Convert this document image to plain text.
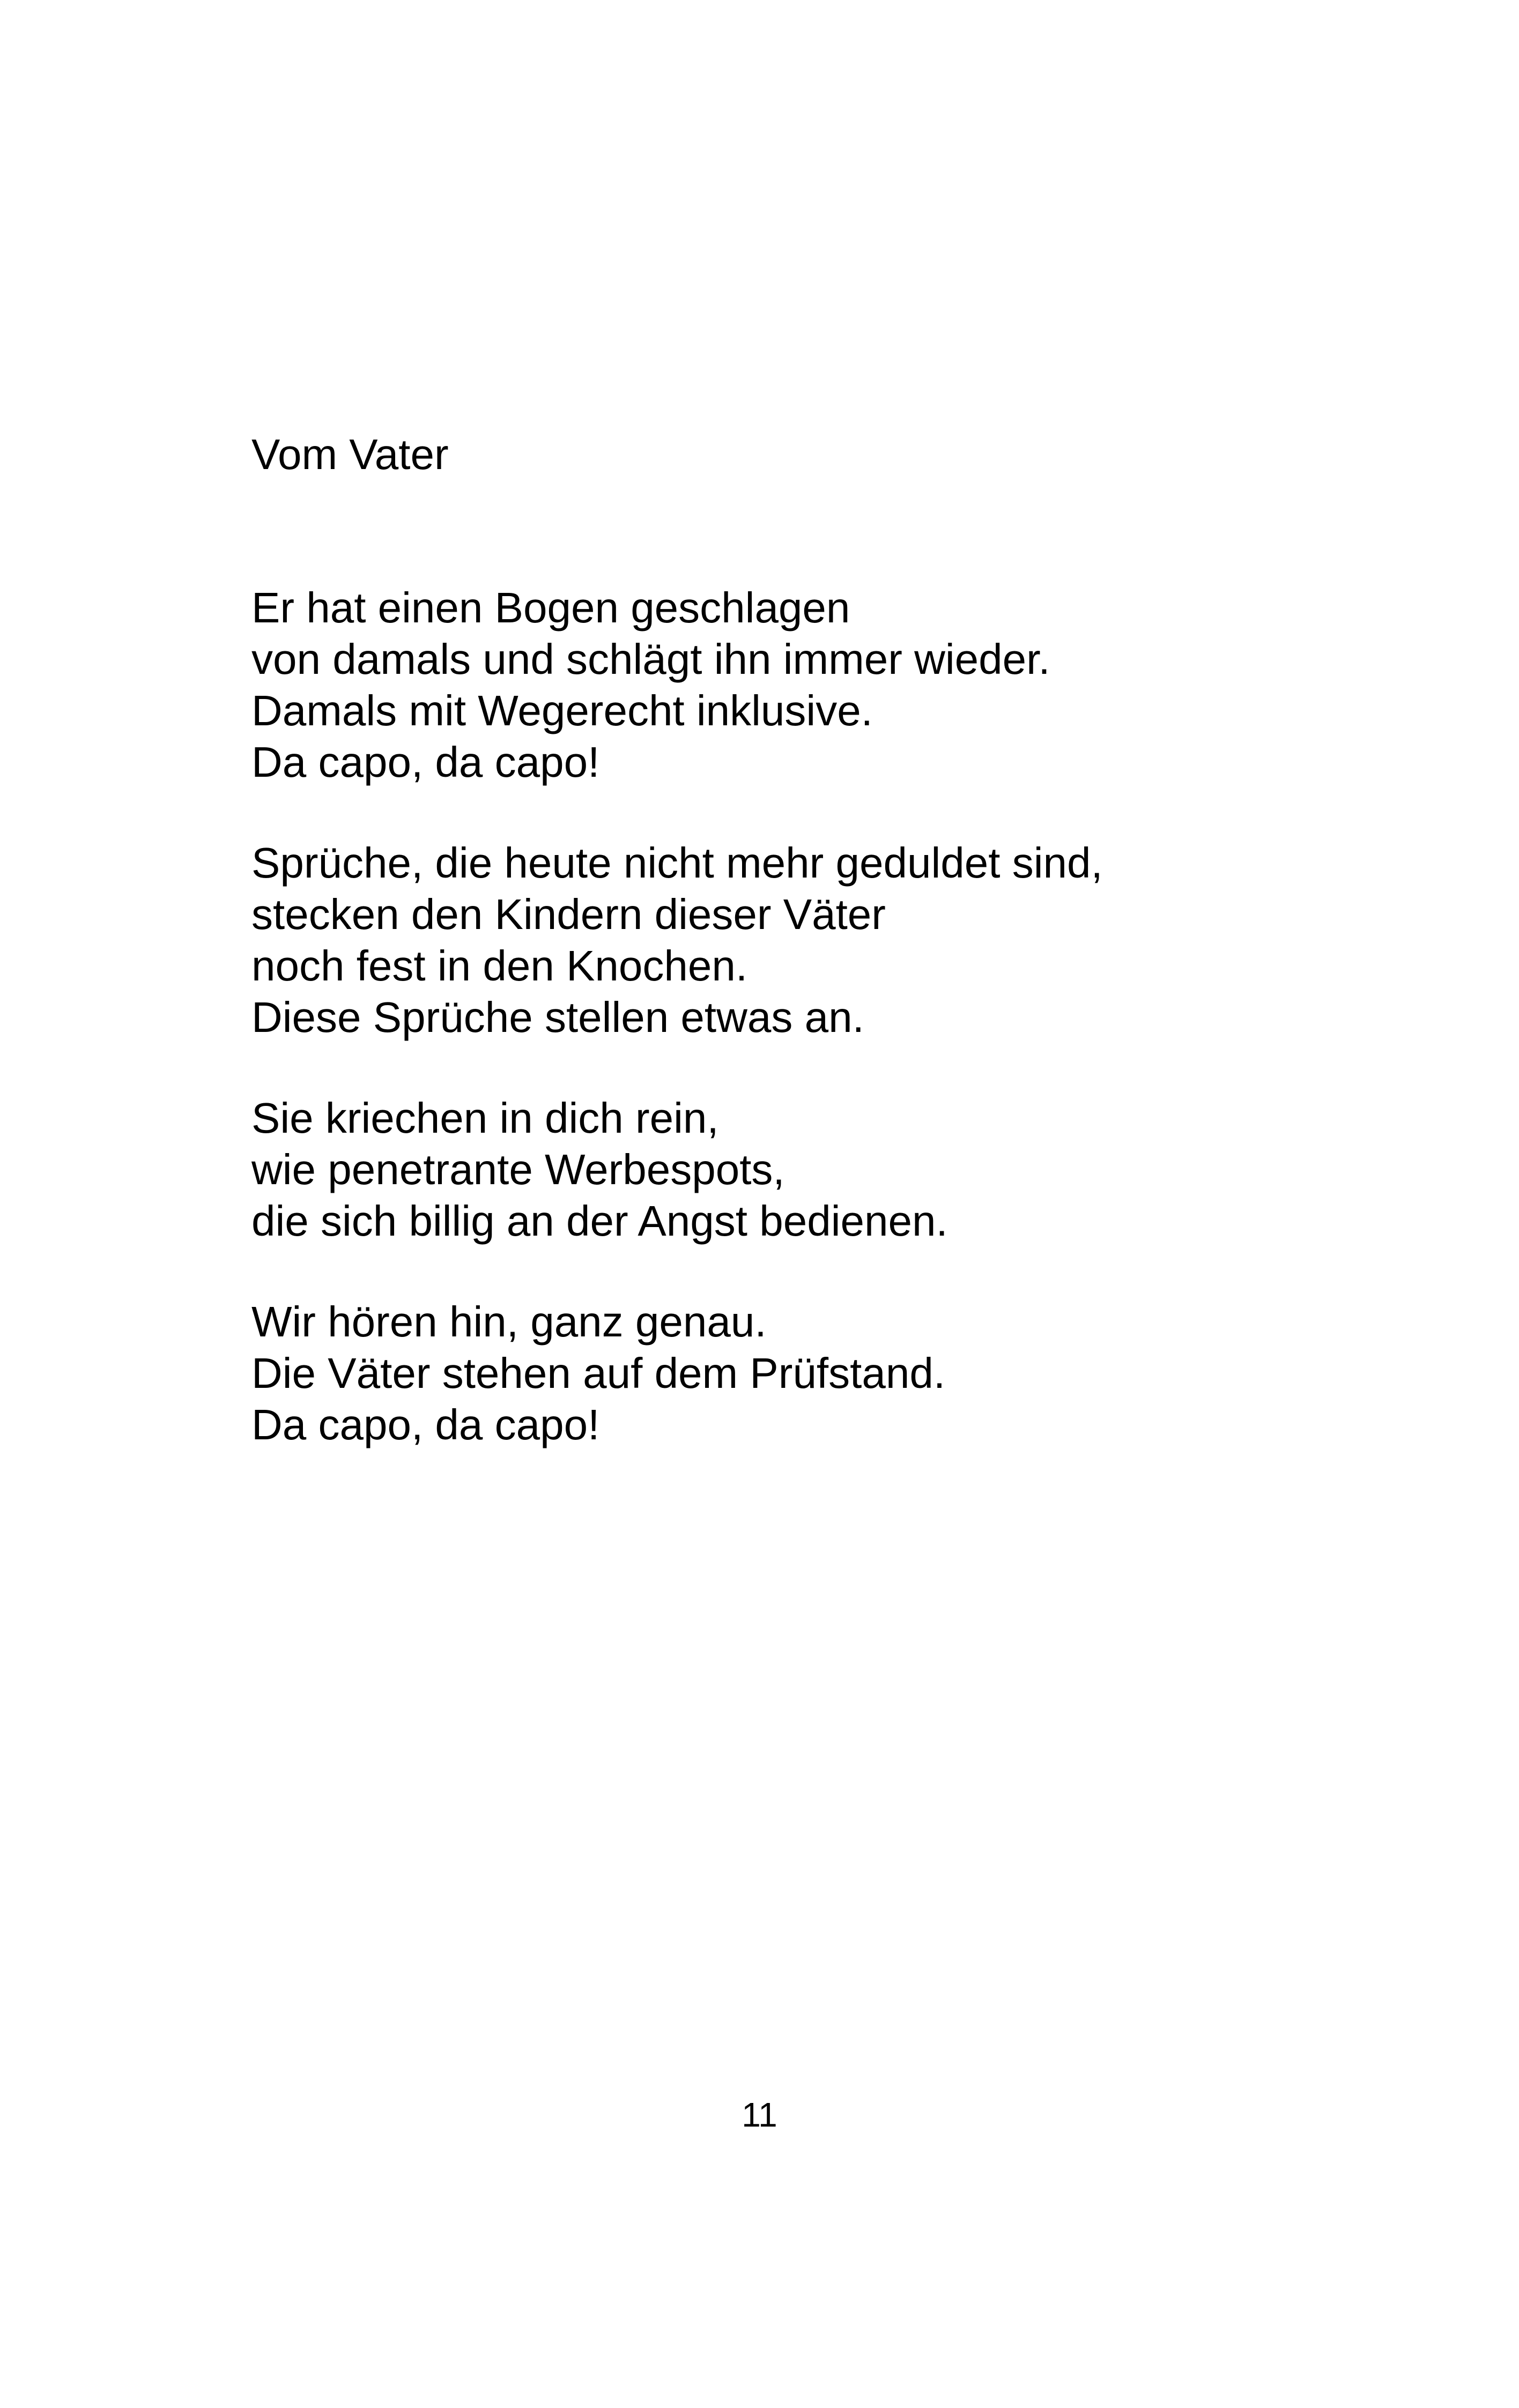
Vom Vater
Er hat einen Bogen geschlagen
von damals und schlägt ihn immer wieder.
Damals mit Wegerecht inklusive.
Da capo, da capo!
Sprüche, die heute nicht mehr geduldet sind,
stecken den Kindern dieser Väter
noch fest in den Knochen.
Diese Sprüche stellen etwas an.
Sie kriechen in dich rein,
wie penetrante Werbespots,
die sich billig an der Angst bedienen.
Wir hören hin, ganz genau.
Die Väter stehen auf dem Prüfstand.
Da capo, da capo!
11
